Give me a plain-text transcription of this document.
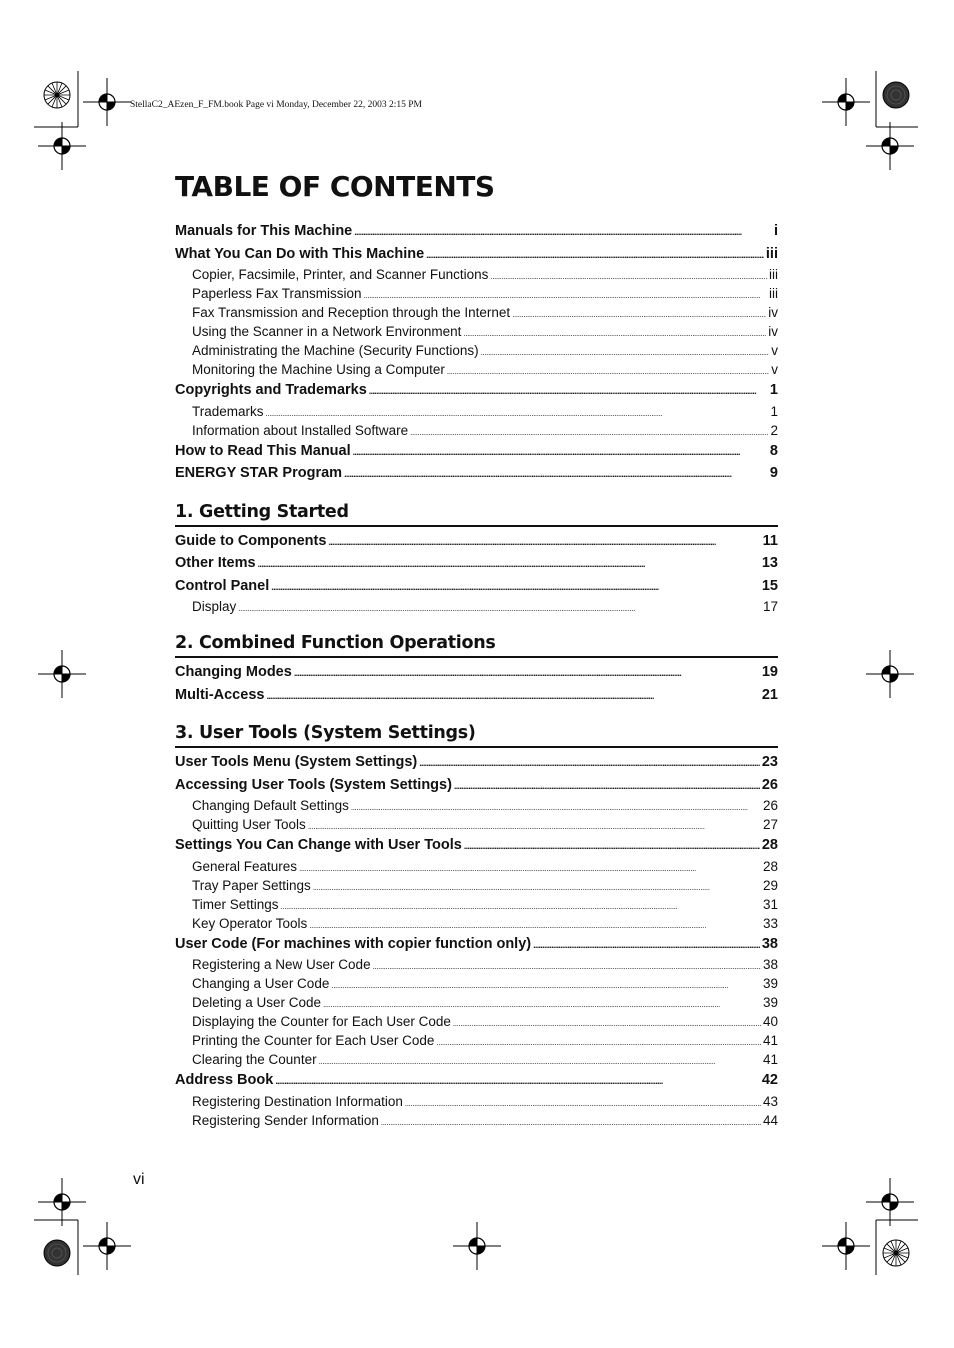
StellaC2_AEzen_F_FM.book Page vi Monday, December 22, 2003 2:15 PM
TABLE OF CONTENTS
Manuals for This Machine . . .	i
What You Can Do with This Machine . . .	iii
Copier, Facsimile, Printer, and Scanner Functions . . .	iii
Paperless Fax Transmission . . .	iii
Fax Transmission and Reception through the Internet . . .	iv
Using the Scanner in a Network Environment . . .	iv
Administrating the Machine (Security Functions) . . .	v
Monitoring the Machine Using a Computer . . .	v
Copyrights and Trademarks . . .	1
Trademarks . . .	1
Information about Installed Software . . .	2
How to Read This Manual . . .	8
ENERGY STAR Program . . .	9
1. Getting Started
Guide to Components . . .	11
Other Items . . .	13
Control Panel . . .	15
Display . . .	17
2. Combined Function Operations
Changing Modes . . .	19
Multi-Access . . .	21
3. User Tools (System Settings)
User Tools Menu (System Settings) . . .	23
Accessing User Tools (System Settings) . . .	26
Changing Default Settings . . .	26
Quitting User Tools . . .	27
Settings You Can Change with User Tools . . .	28
General Features . . .	28
Tray Paper Settings . . .	29
Timer Settings . . .	31
Key Operator Tools . . .	33
User Code (For machines with copier function only) . . .	38
Registering a New User Code . . .	38
Changing a User Code . . .	39
Deleting a User Code . . .	39
Displaying the Counter for Each User Code . . .	40
Printing the Counter for Each User Code . . .	41
Clearing the Counter . . .	41
Address Book . . .	42
Registering Destination Information . . .	43
Registering Sender Information . . .	44
vi
